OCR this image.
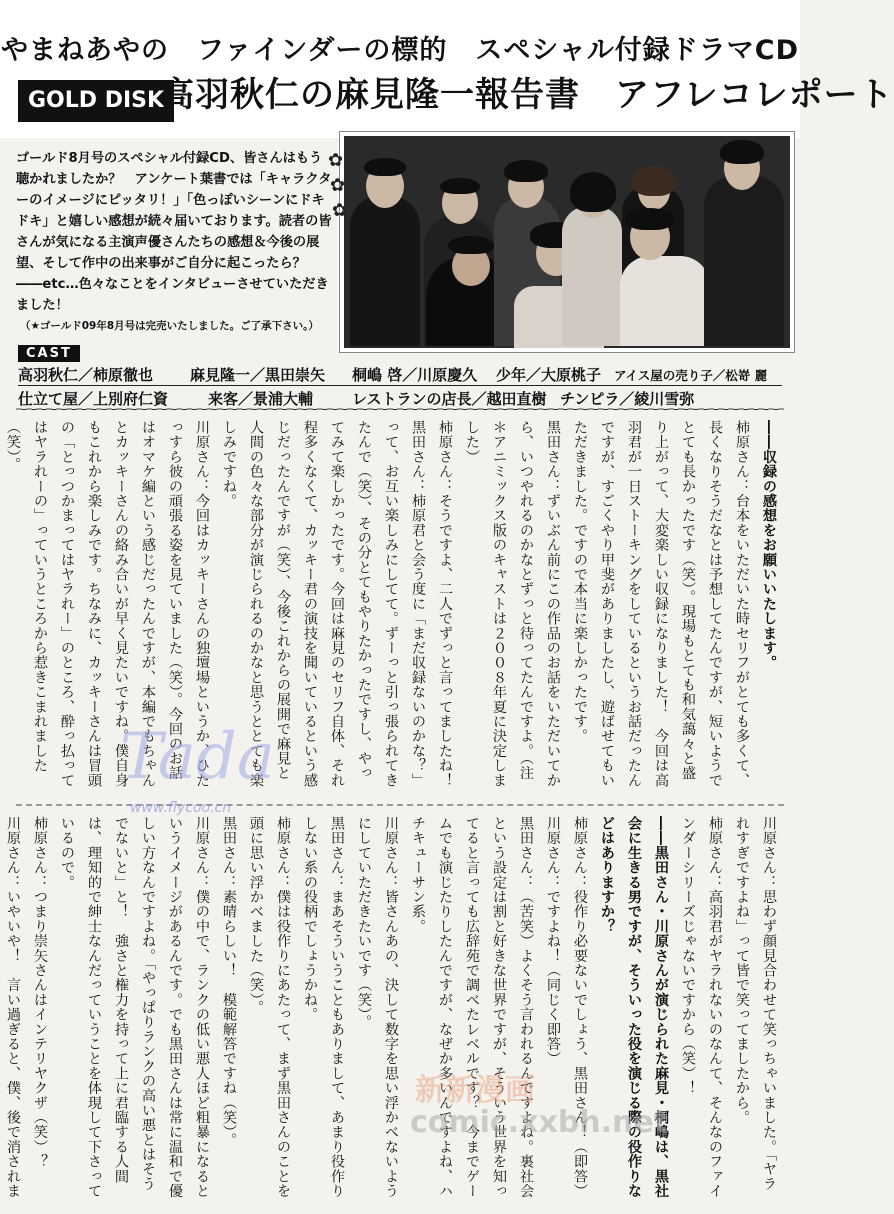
やまねあやの　ファインダーの標的　スペシャル付録ドラマCD
GOLD DISK
高羽秋仁の麻見隆一報告書　アフレコレポート
ゴールド8月号のスペシャル付録CD、皆さんはもう聴かれましたか？　アンケート葉書では「キャラクターのイメージにピッタリ！」「色っぽいシーンにドキドキ」と嬉しい感想が続々届いております。読者の皆さんが気になる主演声優さんたちの感想＆今後の展望、そして作中の出来事がご自分に起こったら？　――etc…色々なことをインタビューさせていただきました！
（★ゴールド09年8月号は完売いたしました。ご了承下さい。）
✿
✿
✿
CAST
高羽秋仁／柿原徹也 麻見隆一／黒田崇矢 桐嶋 啓／川原慶久 少年／大原桃子 アイス屋の売り子／松嵜 麗
仕立て屋／上別府仁資	来客／景浦大輔	レストランの店長／越田直樹 チンピラ／綾川雪弥

――収録の感想をお願いいたします。

柿原さん：台本をいただいた時セリフがとても多くて、長くなりそうだなとは予想してたんですが、短いようでとても長かったです（笑）。現場もとても和気藹々と盛り上がって、大変楽しい収録になりました！　今回は高羽君が一日ストーキングをしているというお話だったんですが、すごくやり甲斐がありましたし、遊ばせてもいただきました。ですので本当に楽しかったです。

黒田さん：ずいぶん前にこの作品のお話をいただいてから、いつやれるのかなとずっと待ってたんですよ。（注＊アニミックス版のキャストは２００８年夏に決定しました）

柿原さん：そうですよ、二人でずっと言ってましたね！

黒田さん：柿原君と会う度に「まだ収録ないのかな？」って、お互い楽しみにしてて。ずーっと引っ張られてきたんで（笑）、その分とてもやりたかったですし、やってみて楽しかったです。今回は麻見のセリフ自体、それ程多くなくて、カッキー君の演技を聞いているという感じだったんですが（笑）、今後これからの展開で麻見と人間の色々な部分が演じられるのかなと思うととても楽しみですね。

川原さん：今回はカッキーさんの独壇場というか、ひたっすら彼の頑張る姿を見ていました（笑）。今回のお話はオマケ編という感じだったんですが、本編でもちゃんとカッキーさんの絡み合いが早く見たいですね。僕自身もこれから楽しみです。ちなみに、カッキーさんは冒頭の「とっつかまってはヤラれー」のところ、酔っ払ってはヤラれーの」っていうところから惹きこまれました（笑）。

川原さん：思わず顔見合わせて笑っちゃいました。「ヤラれすぎですよね」って皆で笑ってましたから。

柿原さん：高羽君がヤラれないのなんて、そんなのファインダーシリーズじゃないですから（笑）！

――黒田さん・川原さんが演じられた麻見・桐嶋は、黒社会に生きる男ですが、そういった役を演じる際の役作りなどはありますか？

柿原さん：役作り必要ないでしょう、黒田さん！（即答）

川原さん：ですよね！（同じく即答）

黒田さん：（苦笑）よくそう言われるんですよね。裏社会という設定は割と好きな世界ですが、そういう世界を知ってると言っても広辞苑で調べたレベルです？　今までゲームでも演じたりしたんですが、なぜか多いんですよね、ハチキューサン系。

川原さん：皆さんあの、決して数字を思い浮かべないようにしていただきたいです（笑）。

黒田さん：まあそういうこともありまして、あまり役作りしない系の役柄でしょうかね。

柿原さん：僕は役作りにあたって、まず黒田さんのことを頭に思い浮かべました（笑）。

黒田さん：素晴らしい！　模範解答ですね（笑）。

川原さん：僕の中で、ランクの低い悪人ほど粗暴になるというイメージがあるんです。でも黒田さんは常に温和で優しい方なんですよね。「やっぱりランクの高い悪とはそうでないと」と！　強さと権力を持って上に君臨する人間は、理知的で紳士なんだっていうことを体現して下さっているので。

柿原さん：つまり崇矢さんはインテリヤクザ（笑）？

川原さん：いやいや！　言い過ぎると、僕、後で消されま

Tada
www.flycoo.cn
新新漫画
comic.xxbh.net
